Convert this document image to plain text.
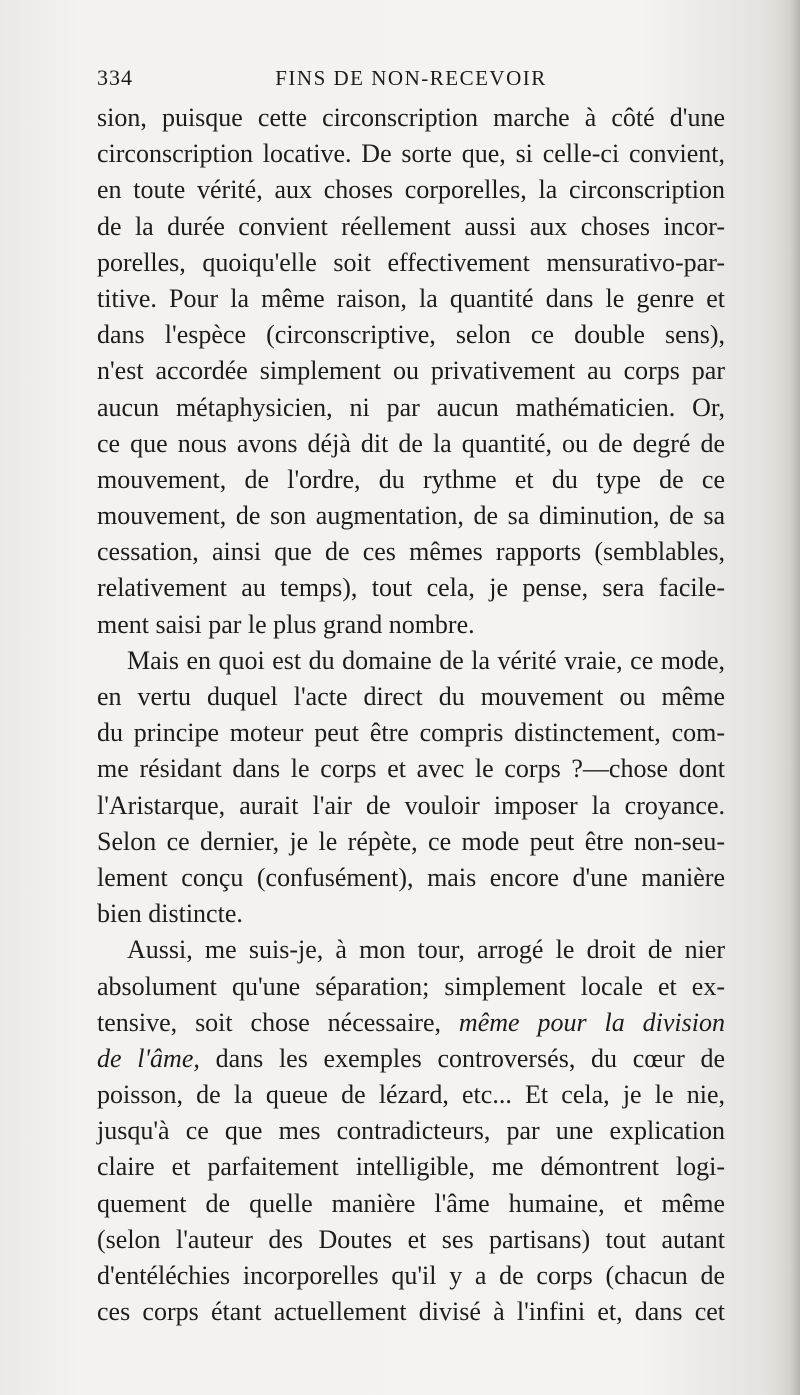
334	FINS DE NON-RECEVOIR
sion, puisque cette circonscription marche à côté d'une
circonscription locative. De sorte que, si celle-ci convient,
en toute vérité, aux choses corporelles, la circonscription
de la durée convient réellement aussi aux choses incor-
porelles, quoiqu'elle soit effectivement mensurativo-par-
titive. Pour la même raison, la quantité dans le genre et
dans l'espèce (circonscriptive, selon ce double sens),
n'est accordée simplement ou privativement au corps par
aucun métaphysicien, ni par aucun mathématicien. Or,
ce que nous avons déjà dit de la quantité, ou de degré de
mouvement, de l'ordre, du rythme et du type de ce
mouvement, de son augmentation, de sa diminution, de sa
cessation, ainsi que de ces mêmes rapports (semblables,
relativement au temps), tout cela, je pense, sera facile-
ment saisi par le plus grand nombre.
Mais en quoi est du domaine de la vérité vraie, ce mode,
en vertu duquel l'acte direct du mouvement ou même
du principe moteur peut être compris distinctement, com-
me résidant dans le corps et avec le corps ?—chose dont
l'Aristarque, aurait l'air de vouloir imposer la croyance.
Selon ce dernier, je le répète, ce mode peut être non-seu-
lement conçu (confusément), mais encore d'une manière
bien distincte.
Aussi, me suis-je, à mon tour, arrogé le droit de nier
absolument qu'une séparation; simplement locale et ex-
tensive, soit chose nécessaire, même pour la division
de l'âme, dans les exemples controversés, du cœur de
poisson, de la queue de lézard, etc... Et cela, je le nie,
jusqu'à ce que mes contradicteurs, par une explication
claire et parfaitement intelligible, me démontrent logi-
quement de quelle manière l'âme humaine, et même
(selon l'auteur des Doutes et ses partisans) tout autant
d'entéléchies incorporelles qu'il y a de corps (chacun de
ces corps étant actuellement divisé à l'infini et, dans cet
